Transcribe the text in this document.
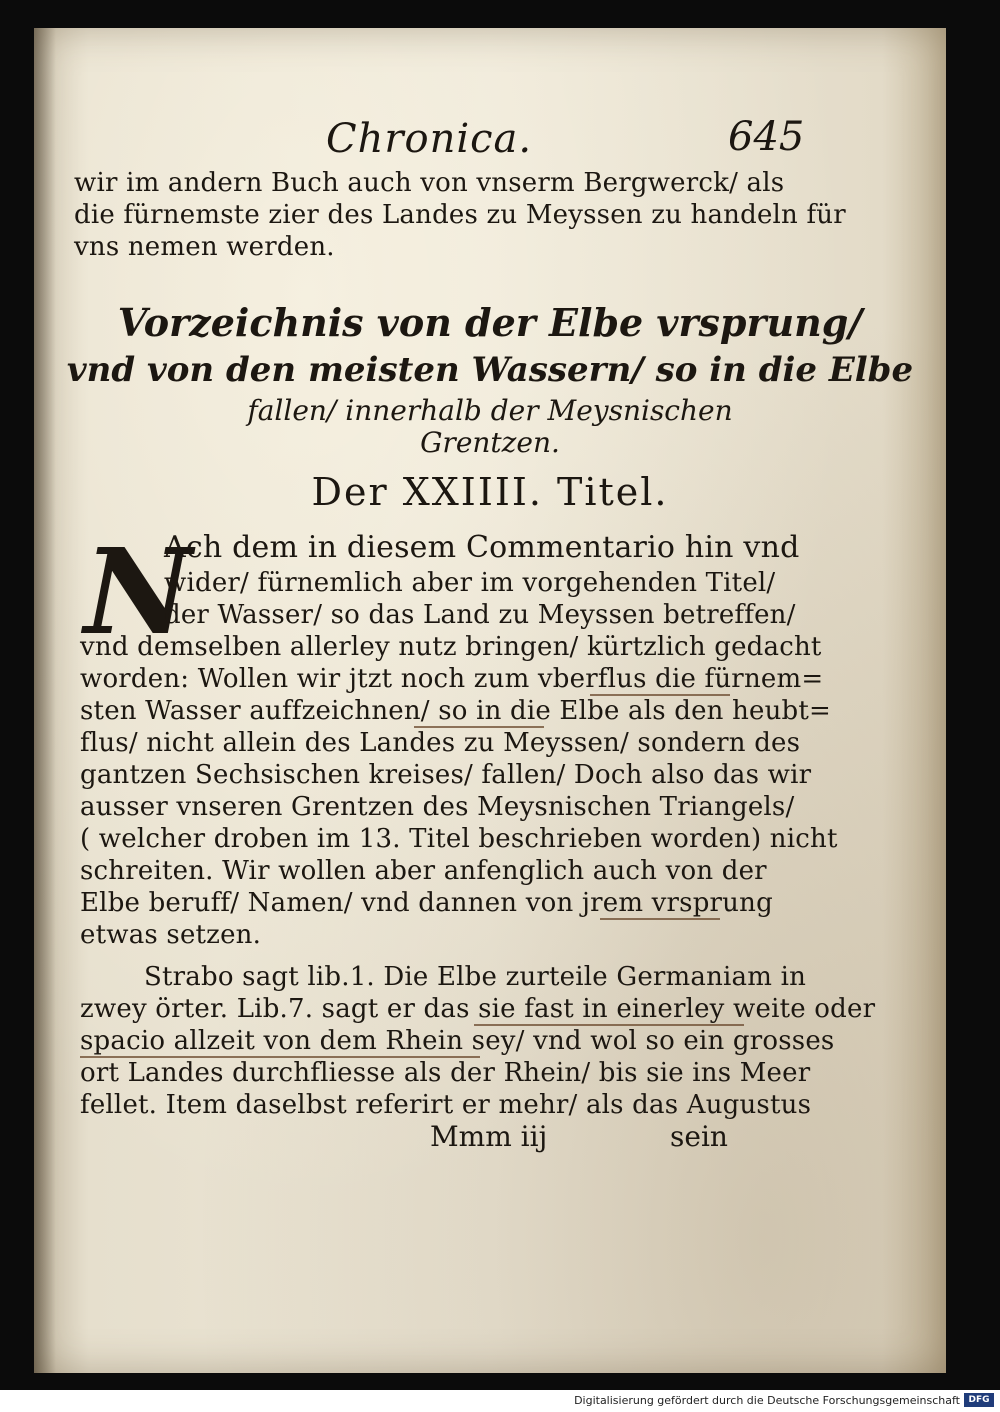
Chronica.	645
wir im andern Buch auch von vnserm Bergwerck/ als
die fürnemste zier des Landes zu Meyssen zu handeln für
vns nemen werden.
Vorzeichnis von der Elbe vrsprung/
vnd von den meisten Wassern/ so in die Elbe
fallen/ innerhalb der Meysnischen
Grentzen.
Der XXIIII. Titel.
N
Ach dem in diesem Commentario hin vnd
wider/ fürnemlich aber im vorgehenden Titel/
der Wasser/ so das Land zu Meyssen betreffen/
vnd demselben allerley nutz bringen/ kürtzlich gedacht
worden: Wollen wir jtzt noch zum vberflus die fürnem=
sten Wasser auffzeichnen/ so in die Elbe als den heubt=
flus/ nicht allein des Landes zu Meyssen/ sondern des
gantzen Sechsischen kreises/ fallen/ Doch also das wir
ausser vnseren Grentzen des Meysnischen Triangels/
( welcher droben im 13. Titel beschrieben worden) nicht
schreiten. Wir wollen aber anfenglich auch von der
Elbe beruff/ Namen/ vnd dannen von jrem vrsprung
etwas setzen.
Strabo sagt lib.1. Die Elbe zurteile Germaniam in
zwey örter. Lib.7. sagt er das sie fast in einerley weite oder
spacio allzeit von dem Rhein sey/ vnd wol so ein grosses
ort Landes durchfliesse als der Rhein/ bis sie ins Meer
fellet. Item daselbst referirt er mehr/ als das Augustus
Mmm iij	sein
Digitalisierung gefördert durch die Deutsche Forschungsgemeinschaft DFG
